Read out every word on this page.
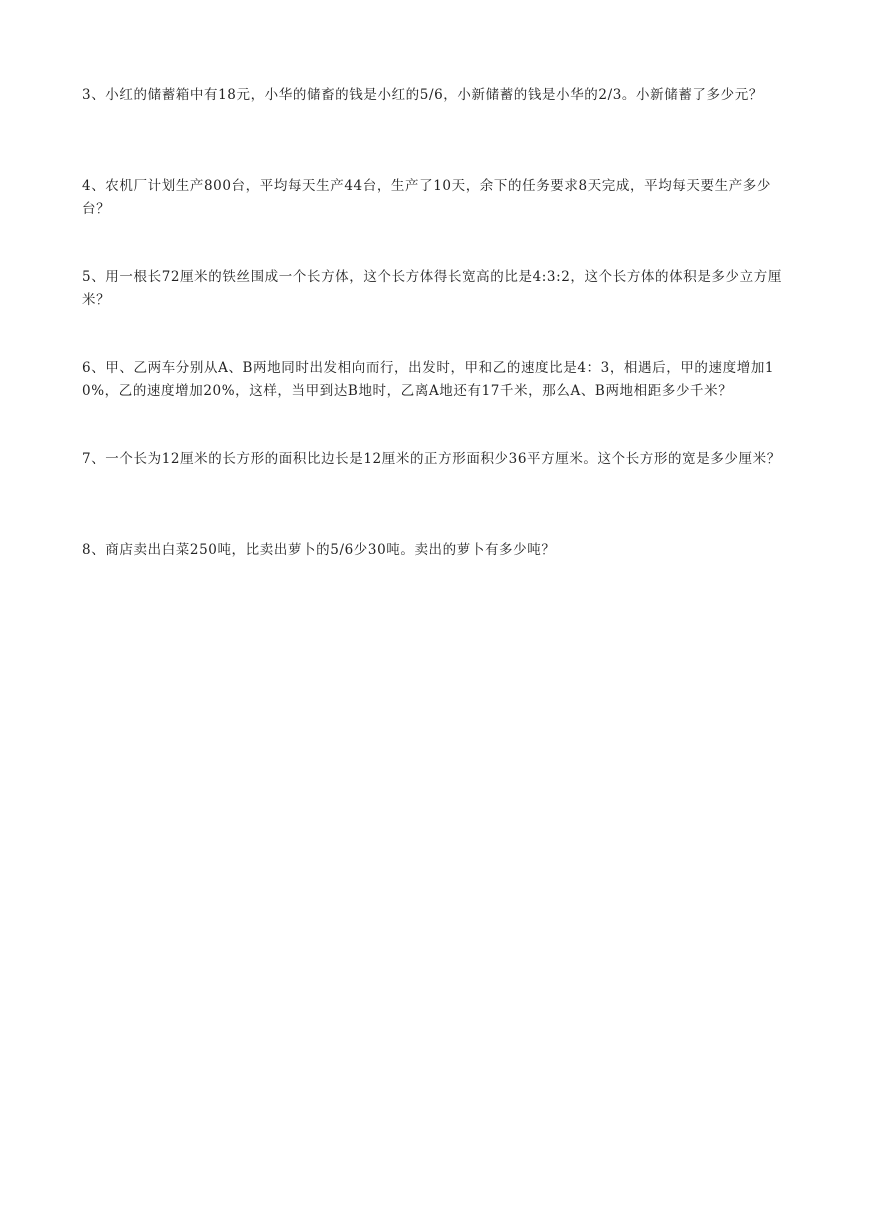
3、小红的储蓄箱中有18元，小华的储畜的钱是小红的5/6，小新储蓄的钱是小华的2/3。小新储蓄了多少元？
4、农机厂计划生产800台，平均每天生产44台，生产了10天，余下的任务要求8天完成，平均每天要生产多少台？
5、用一根长72厘米的铁丝围成一个长方体，这个长方体得长宽高的比是4:3:2，这个长方体的体积是多少立方厘米？
6、甲、乙两车分别从A、B两地同时出发相向而行，出发时，甲和乙的速度比是4：3，相遇后，甲的速度增加10%，乙的速度增加20%，这样，当甲到达B地时，乙离A地还有17千米，那么A、B两地相距多少千米？
7、一个长为12厘米的长方形的面积比边长是12厘米的正方形面积少36平方厘米。这个长方形的宽是多少厘米？
8、商店卖出白菜250吨，比卖出萝卜的5/6少30吨。卖出的萝卜有多少吨？
